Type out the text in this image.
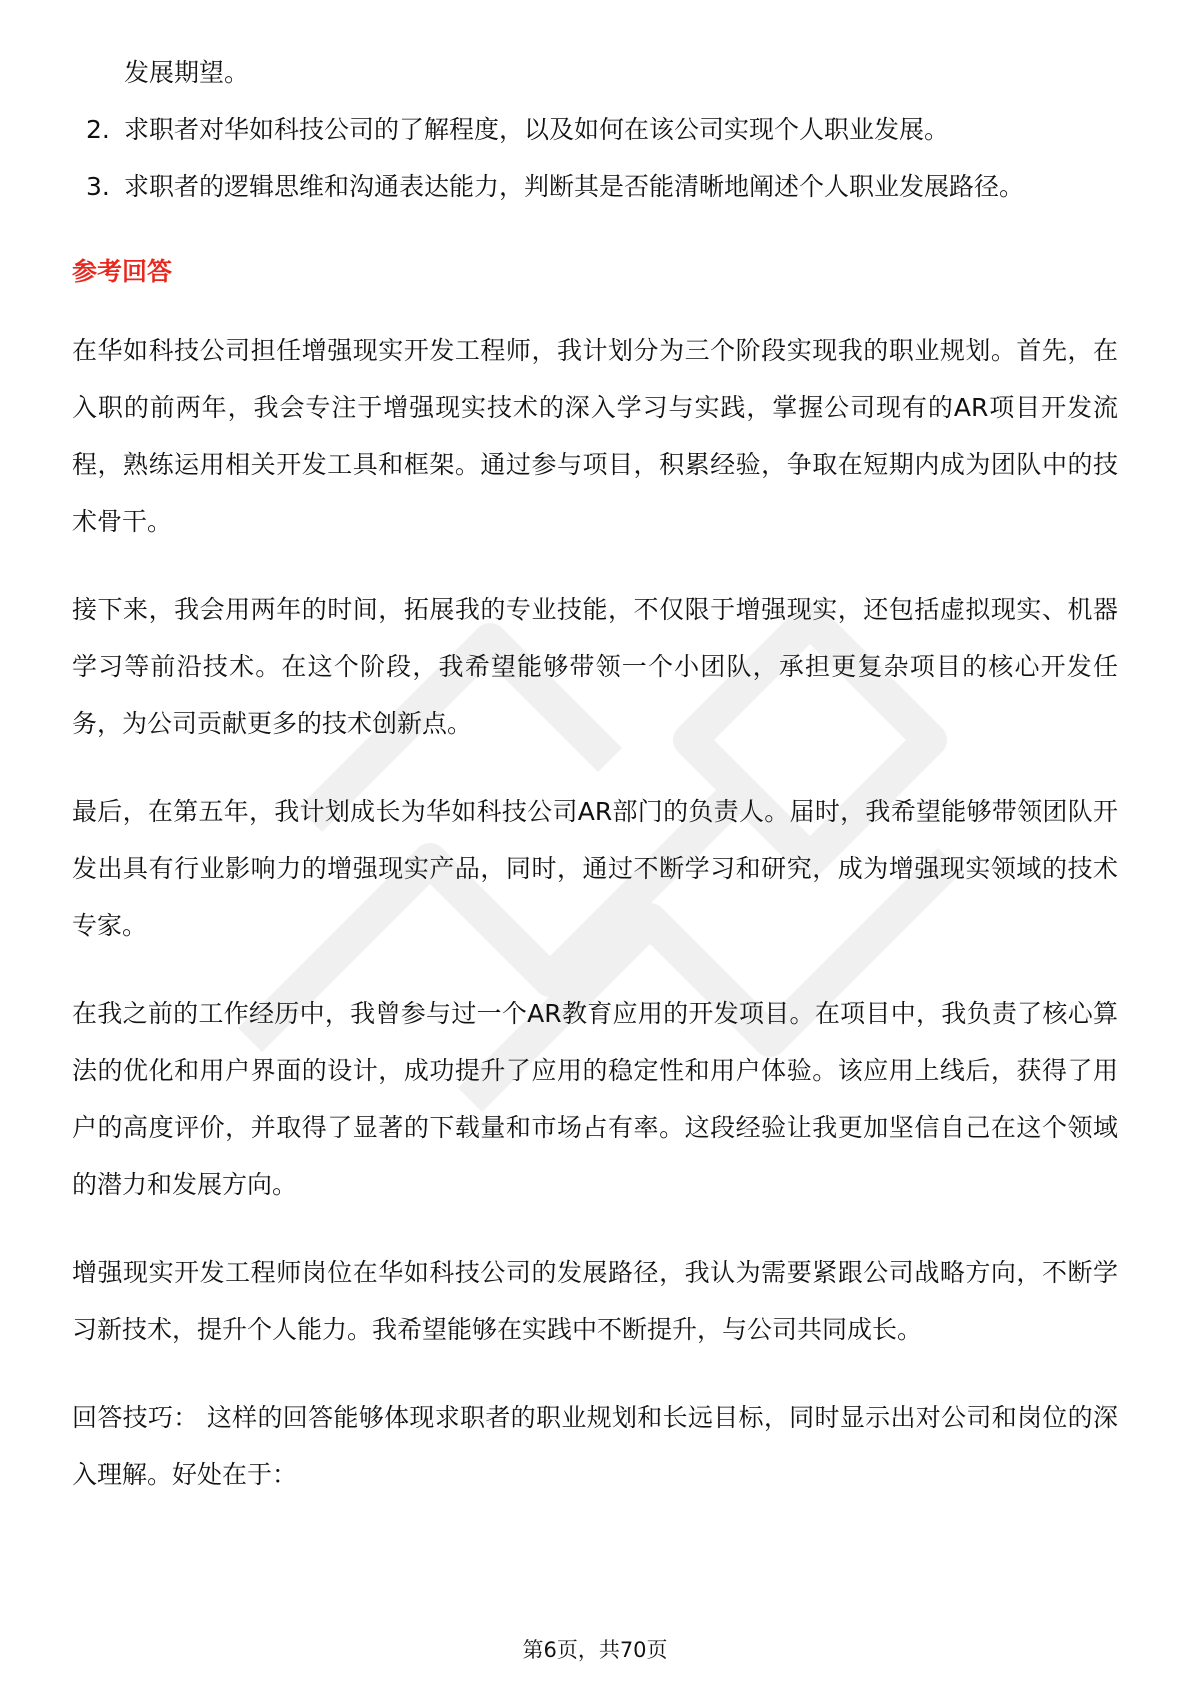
发展期望。

2. 求职者对华如科技公司的了解程度，以及如何在该公司实现个人职业发展。
3. 求职者的逻辑思维和沟通表达能力，判断其是否能清晰地阐述个人职业发展路径。
参考回答

在华如科技公司担任增强现实开发工程师，我计划分为三个阶段实现我的职业规划。首先，在入职的前两年，我会专注于增强现实技术的深入学习与实践，掌握公司现有的AR项目开发流程，熟练运用相关开发工具和框架。通过参与项目，积累经验，争取在短期内成为团队中的技术骨干。

接下来，我会用两年的时间，拓展我的专业技能，不仅限于增强现实，还包括虚拟现实、机器学习等前沿技术。在这个阶段，我希望能够带领一个小团队，承担更复杂项目的核心开发任务，为公司贡献更多的技术创新点。

最后，在第五年，我计划成长为华如科技公司AR部门的负责人。届时，我希望能够带领团队开发出具有行业影响力的增强现实产品，同时，通过不断学习和研究，成为增强现实领域的技术专家。

在我之前的工作经历中，我曾参与过一个AR教育应用的开发项目。在项目中，我负责了核心算法的优化和用户界面的设计，成功提升了应用的稳定性和用户体验。该应用上线后，获得了用户的高度评价，并取得了显著的下载量和市场占有率。这段经验让我更加坚信自己在这个领域的潜力和发展方向。

增强现实开发工程师岗位在华如科技公司的发展路径，我认为需要紧跟公司战略方向，不断学习新技术，提升个人能力。我希望能够在实践中不断提升，与公司共同成长。

回答技巧： 这样的回答能够体现求职者的职业规划和长远目标，同时显示出对公司和岗位的深入理解。好处在于：

第6页，共70页
